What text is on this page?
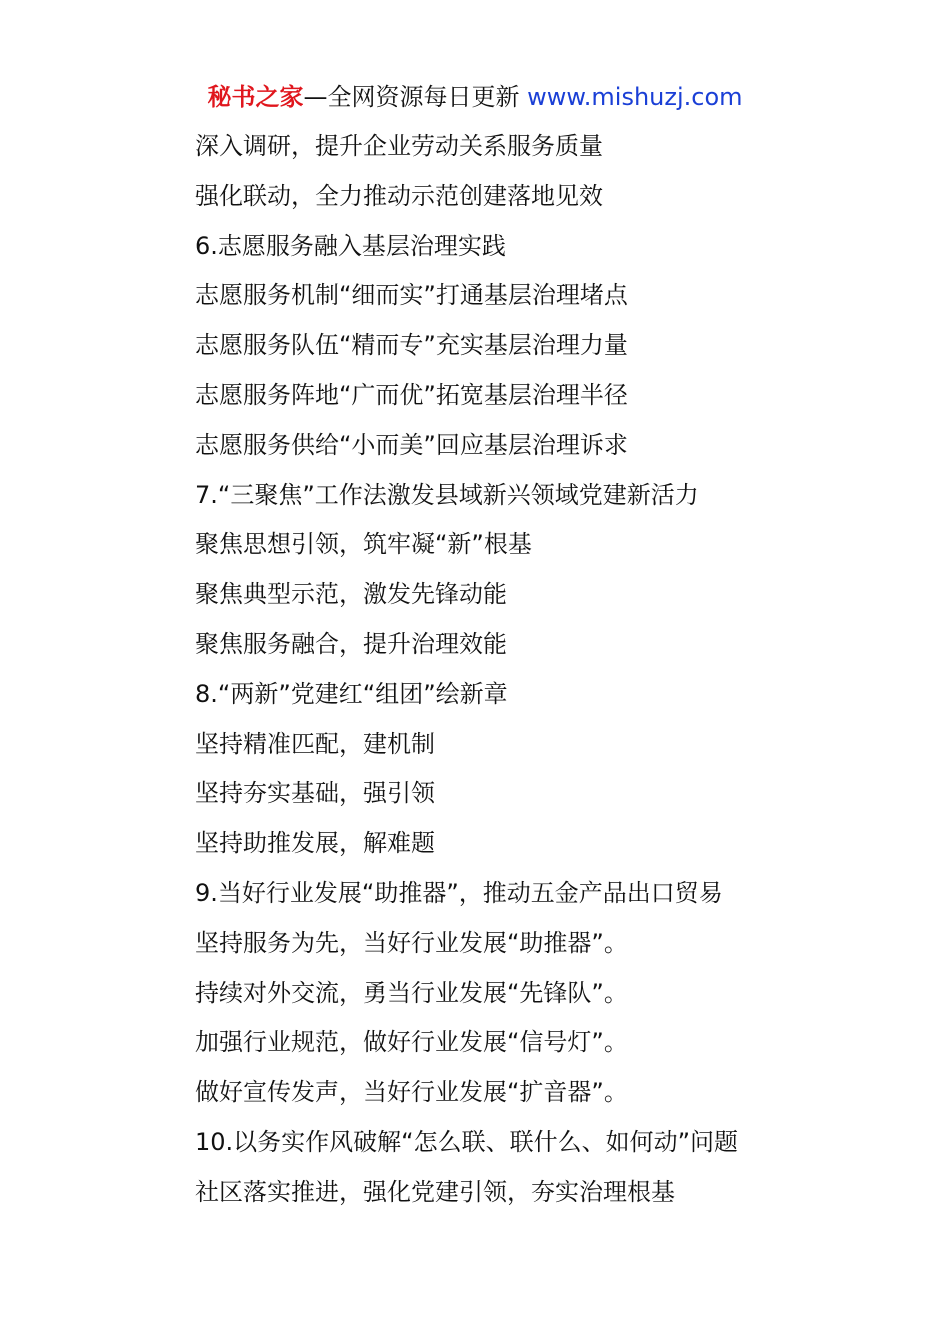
秘书之家—全网资源每日更新 www.mishuzj.com
深入调研，提升企业劳动关系服务质量
强化联动，全力推动示范创建落地见效
6.志愿服务融入基层治理实践
志愿服务机制“细而实”打通基层治理堵点
志愿服务队伍“精而专”充实基层治理力量
志愿服务阵地“广而优”拓宽基层治理半径
志愿服务供给“小而美”回应基层治理诉求
7.“三聚焦”工作法激发县域新兴领域党建新活力
聚焦思想引领，筑牢凝“新”根基
聚焦典型示范，激发先锋动能
聚焦服务融合，提升治理效能
8.“两新”党建红“组团”绘新章
坚持精准匹配，建机制
坚持夯实基础，强引领
坚持助推发展，解难题
9.当好行业发展“助推器”，推动五金产品出口贸易
坚持服务为先，当好行业发展“助推器”。
持续对外交流，勇当行业发展“先锋队”。
加强行业规范，做好行业发展“信号灯”。
做好宣传发声，当好行业发展“扩音器”。
10.以务实作风破解“怎么联、联什么、如何动”问题
社区落实推进，强化党建引领，夯实治理根基
